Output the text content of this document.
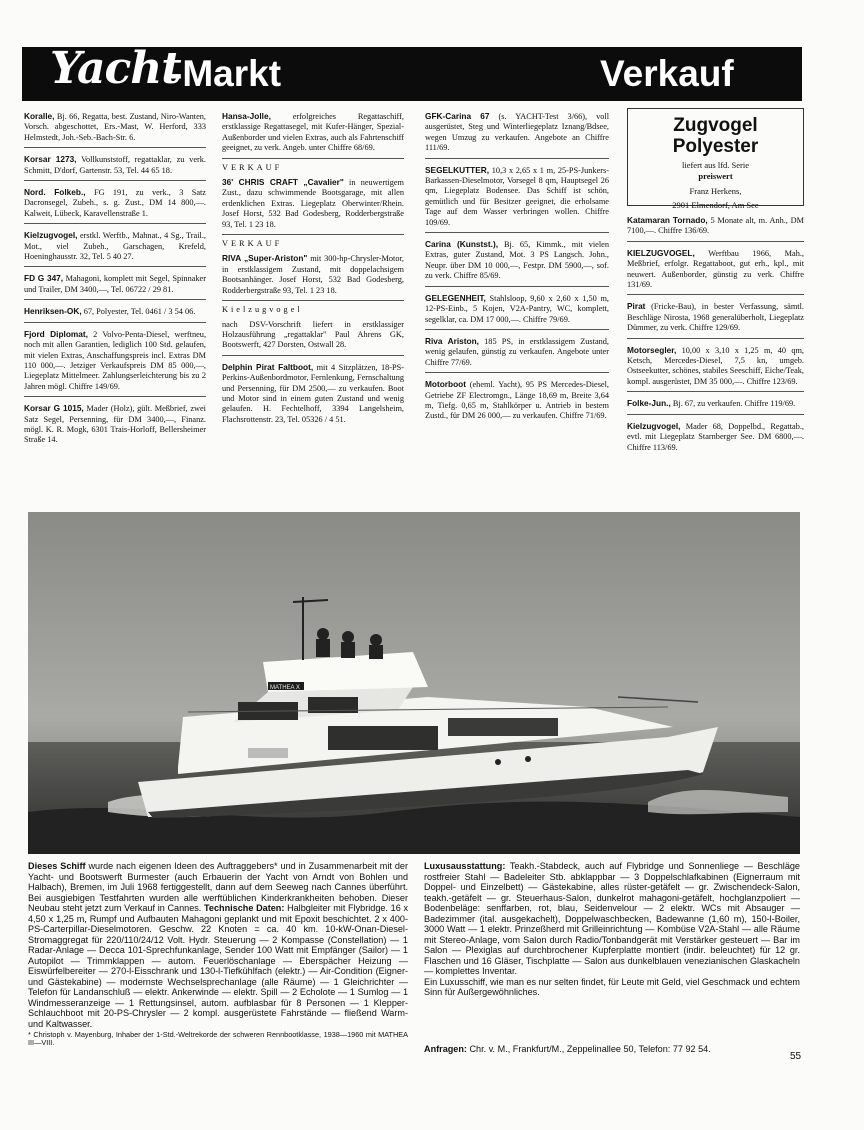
Yacht
-Markt	Verkauf
Koralle, Bj. 66, Regatta, best. Zustand, Niro-Wanten, Vorsch. abgeschottet, Ers.-Mast, W. Herford, 333 Helmstedt, Joh.-Seb.-Bach-Str. 6.
Korsar 1273, Vollkunststoff, regattaklar, zu verk. Schmitt, D'dorf, Gartenstr. 53, Tel. 44 65 18.
Nord. Folkeb., FG 191, zu verk., 3 Satz Dacronsegel, Zubeh., s. g. Zust., DM 14 800,—. Kalweit, Lübeck, Karavellenstraße 1.
Kielzugvogel, erstkl. Werftb., Mahnat., 4 Sg., Trail., Mot., viel Zubeh., Garschagen, Krefeld, Hoeninghausstr. 32, Tel. 5 40 27.
FD G 347, Mahagoni, komplett mit Segel, Spinnaker und Trailer, DM 3400,—, Tel. 06722 / 29 81.
Henriksen-OK, 67, Polyester, Tel. 0461 / 3 54 06.
Fjord Diplomat, 2 Volvo-Penta-Diesel, werftneu, noch mit allen Garantien, lediglich 100 Std. gelaufen, mit vielen Extras, Anschaffungspreis incl. Extras DM 110 000,—. Jetziger Verkaufspreis DM 85 000,—, Liegeplatz Mittelmeer. Zahlungserleichterung bis zu 2 Jahren mögl. Chiffre 149/69.
Korsar G 1015, Mader (Holz), gült. Meßbrief, zwei Satz Segel, Persenning, für DM 3400,—, Finanz. mögl. K. R. Mogk, 6301 Trais-Horloff, Bellersheimer Straße 14.
Hansa-Jolle,	erfolgreiches Regattaschiff, erstklassige Regattasegel, mit Kufer-Hänger, Spezial-Außenborder und vielen Extras, auch als Fahrtenschiff geeignet, zu verk. Angeb. unter Chiffre 68/69.
VERKAUF
36' CHRIS CRAFT „Cavalier" in neuwertigem Zust., dazu schwimmende Bootsgarage, mit allen erdenklichen Extras. Liegeplatz Oberwinter/Rhein. Josef Horst, 532 Bad Godesberg, Rodderbergstraße 93, Tel. 1 23 18.
VERKAUF
RIVA „Super-Ariston" mit 300-hp-Chrysler-Motor, in erstklassigem Zustand, mit doppelachsigem Bootsanhänger. Josef Horst, 532 Bad Godesberg, Rodderbergstraße 93, Tel. 1 23 18.
Kielzugvogel
nach DSV-Vorschrift liefert in erstklassiger Holzausführung „regattaklar" Paul Ahrens GK, Bootswerft, 427 Dorsten, Ostwall 28.
Delphin Pirat Faltboot, mit 4 Sitzplätzen, 18-PS-Perkins-Außenbordmotor, Fernlenkung, Fernschaltung und Persenning, für DM 2500,— zu verkaufen. Boot und Motor sind in einem guten Zustand und wenig gelaufen. H. Fechtelhoff, 3394 Langelsheim, Flachsrottenstr. 23, Tel. 05326 / 4 51.
GFK-Carina 67 (s. YACHT-Test 3/66), voll ausgerüstet, Steg und Winterliegeplatz Iznang/Bdsee, wegen Umzug zu verkaufen. Angebote an Chiffre 111/69.
SEGELKUTTER, 10,3 x 2,65 x 1 m, 25-PS-Junkers-Barkassen-Dieselmotor, Vorsegel 8 qm, Hauptsegel 26 qm, Liegeplatz Bodensee. Das Schiff ist schön, gemütlich und für Besitzer geeignet, die erholsame Tage auf dem Wasser verbringen wollen. Chiffre 109/69.
Carina (Kunstst.), Bj. 65, Kimmk., mit vielen Extras, guter Zustand, Mot. 3 PS Langsch. John., Neupr. über DM 10 000,—, Festpr. DM 5900,—, sof. zu verk. Chiffre 85/69.
GELEGENHEIT, Stahlsloop, 9,60 x 2,60 x 1,50 m, 12-PS-Einb., 5 Kojen, V2A-Pantry, WC, komplett, segelklar, ca. DM 17 000,—. Chiffre 79/69.
Riva Ariston, 185 PS, in erstklassigem Zustand, wenig gelaufen, günstig zu verkaufen. Angebote unter Chiffre 77/69.
Motorboot (eheml. Yacht), 95 PS Mercedes-Diesel, Getriebe ZF Electromgn., Länge 18,69 m, Breite 3,64 m, Tiefg. 0,65 m, Stahlkörper u. Antrieb in bestem Zustd., für DM 26 000,— zu verkaufen. Chiffre 71/69.
Zugvogel
Polyester
liefert aus lfd. Serie
preiswert
Franz Herkens,
2901 Elmendorf, Am See
Katamaran Tornado, 5 Monate alt, m. Anh., DM 7100,—. Chiffre 136/69.
KIELZUGVOGEL, Werftbau 1966, Mah., Meßbrief, erfolgr. Regattaboot, gut erh., kpl., mit neuwert. Außenborder, günstig zu verk. Chiffre 131/69.
Pirat (Fricke-Bau), in bester Verfassung, sämtl. Beschläge Nirosta, 1968 generalüberholt, Liegeplatz Dümmer, zu verk. Chiffre 129/69.
Motorsegler, 10,00 x 3,10 x 1,25 m, 40 qm, Ketsch, Mercedes-Diesel, 7,5 kn, umgeb. Ostseekutter, schönes, stabiles Seeschiff, Eiche/Teak, kompl. ausgerüstet, DM 35 000,—. Chiffre 123/69.
Folke-Jun., Bj. 67, zu verkaufen. Chiffre 119/69.
Kielzugvogel, Mader 68, Doppelbd., Regattab., evtl. mit Liegeplatz Starnberger See. DM 6800,—. Chiffre 113/69.
MATHEA X
Dieses Schiff wurde nach eigenen Ideen des Auftraggebers* und in Zusammenarbeit mit der Yacht- und Bootswerft Burmester (auch Erbauerin der Yacht von Arndt von Bohlen und Halbach), Bremen, im Juli 1968 fertiggestellt, dann auf dem Seeweg nach Cannes überführt. Bei ausgiebigen Testfahrten wurden alle werftüblichen Kinderkrankheiten behoben. Dieser Neubau steht jetzt zum Verkauf in Cannes. Technische Daten: Halbgleiter mit Flybridge. 16 x 4,50 x 1,25 m, Rumpf und Aufbauten Mahagoni geplankt und mit Epoxit beschichtet. 2 x 400-PS-Carterpillar-Dieselmotoren. Geschw. 22 Knoten = ca. 40 km. 10-kW-Onan-Diesel-Stromaggregat für 220/110/24/12 Volt. Hydr. Steuerung — 2 Kompasse (Constellation) — 1 Radar-Anlage — Decca 101-Sprechfunkanlage, Sender 100 Watt mit Empfänger (Sailor) — 1 Autopilot — Trimmklappen — autom. Feuerlöschanlage — Eberspächer Heizung — Eiswürfelbereiter — 270-l-Eisschrank und 130-l-Tiefkühlfach (elektr.) — Air-Condition (Eigner- und Gästekabine) — modernste Wechselsprechanlage (alle Räume) — 1 Gleichrichter — Telefon für Landanschluß — elektr. Ankerwinde — elektr. Spill — 2 Echolote — 1 Sumlog — 1 Windmesseranzeige — 1 Rettungsinsel, autom. aufblasbar für 8 Personen — 1 Klepper-Schlauchboot mit 20-PS-Chrysler — 2 kompl. ausgerüstete Fahrstände — fließend Warm- und Kaltwasser.
* Christoph v. Mayenburg, Inhaber der 1-Std.-Weltrekorde der schweren Rennbootklasse, 1938—1960 mit MATHEA III—VIII.
Luxusausstattung: Teakh.-Stabdeck, auch auf Flybridge und Sonnenliege — Beschläge rostfreier Stahl — Badeleiter Stb. abklappbar — 3 Doppelschlafkabinen (Eignerraum mit Doppel- und Einzelbett) — Gästekabine, alles rüster-getäfelt — gr. Zwischendeck-Salon, teakh.-getäfelt — gr. Steuerhaus-Salon, dunkelrot mahagoni-getäfelt, hochglanzpoliert — Bodenbeläge: senffarben, rot, blau, Seidenvelour — 2 elektr. WCs mit Absauger — Badezimmer (ital. ausgekachelt), Doppelwaschbecken, Badewanne (1,60 m), 150-l-Boiler, 3000 Watt — 1 elektr. Prinzeßherd mit Grilleinrichtung — Kombüse V2A-Stahl — alle Räume mit Stereo-Anlage, vom Salon durch Radio/Tonbandgerät mit Verstärker gesteuert — Bar im Salon — Plexiglas auf durchbrochener Kupferplatte montiert (indir. beleuchtet) für 12 gr. Flaschen und 16 Gläser, Tischplatte — Salon aus dunkelblauen venezianischen Glaskacheln — komplettes Inventar.
Ein Luxusschiff, wie man es nur selten findet, für Leute mit Geld, viel Geschmack und echtem Sinn für Außergewöhnliches.
Anfragen: Chr. v. M., Frankfurt/M., Zeppelinallee 50, Telefon: 77 92 54.
55
